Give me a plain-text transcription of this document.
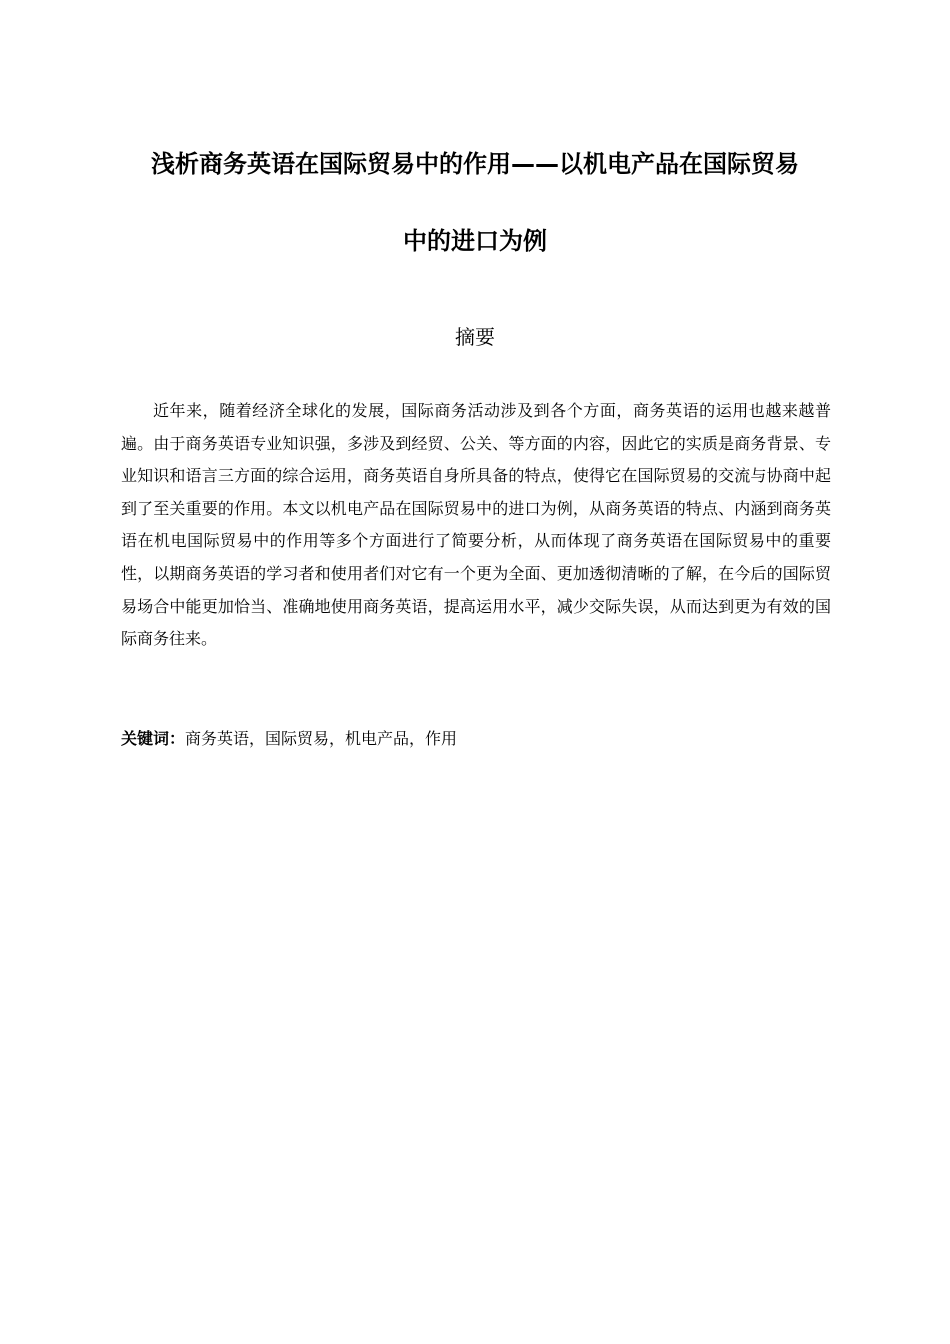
浅析商务英语在国际贸易中的作用——以机电产品在国际贸易
中的进口为例
摘要

近年来，随着经济全球化的发展，国际商务活动涉及到各个方面，商务英语的运用也越来越普遍。由于商务英语专业知识强，多涉及到经贸、公关、等方面的内容，因此它的实质是商务背景、专业知识和语言三方面的综合运用，商务英语自身所具备的特点，使得它在国际贸易的交流与协商中起到了至关重要的作用。本文以机电产品在国际贸易中的进口为例，从商务英语的特点、内涵到商务英语在机电国际贸易中的作用等多个方面进行了简要分析，从而体现了商务英语在国际贸易中的重要性，以期商务英语的学习者和使用者们对它有一个更为全面、更加透彻清晰的了解，在今后的国际贸易场合中能更加恰当、准确地使用商务英语，提高运用水平，减少交际失误，从而达到更为有效的国际商务往来。

关键词：商务英语，国际贸易，机电产品，作用
